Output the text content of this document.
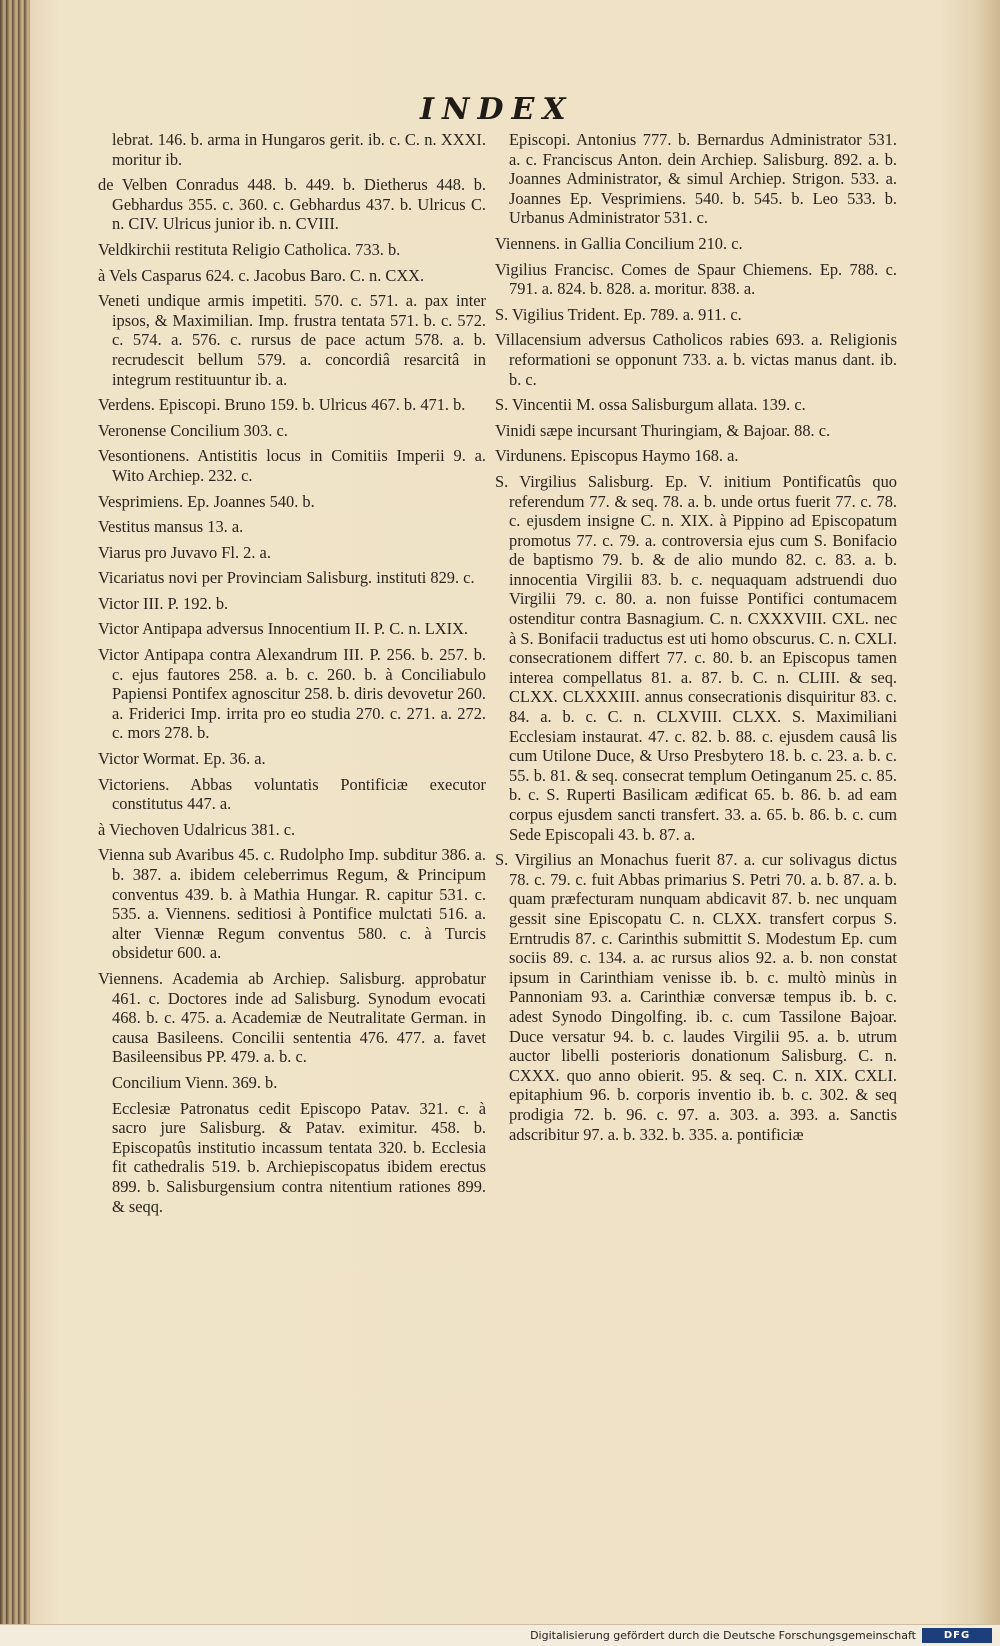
INDEX

lebrat. 146. b. arma in Hungaros gerit. ib. c. C. n. XXXI. moritur ib.

de Velben Conradus 448. b. 449. b. Dietherus 448. b. Gebhardus 355. c. 360. c. Gebhardus 437. b. Ulricus C. n. CIV. Ulricus junior ib. n. CVIII.

Veldkirchii restituta Religio Catholica. 733. b.

à Vels Casparus 624. c. Jacobus Baro. C. n. CXX.

Veneti undique armis impetiti. 570. c. 571. a. pax inter ipsos, & Maximilian. Imp. frustra tentata 571. b. c. 572. c. 574. a. 576. c. rursus de pace actum 578. a. b. recrudescit bellum 579. a. concordiâ resarcitâ in integrum restituuntur ib. a.

Verdens. Episcopi. Bruno 159. b. Ulricus 467. b. 471. b.

Veronense Concilium 303. c.

Vesontionens. Antistitis locus in Comitiis Imperii 9. a. Wito Archiep. 232. c.

Vesprimiens. Ep. Joannes 540. b.

Vestitus mansus 13. a.

Viarus pro Juvavo Fl. 2. a.

Vicariatus novi per Provinciam Salisburg. instituti 829. c.

Victor III. P. 192. b.

Victor Antipapa adversus Innocentium II. P. C. n. LXIX.

Victor Antipapa contra Alexandrum III. P. 256. b. 257. b. c. ejus fautores 258. a. b. c. 260. b. à Conciliabulo Papiensi Pontifex agnoscitur 258. b. diris devovetur 260. a. Friderici Imp. irrita pro eo studia 270. c. 271. a. 272. c. mors 278. b.

Victor Wormat. Ep. 36. a.

Victoriens. Abbas voluntatis Pontificiæ executor constitutus 447. a.

à Viechoven Udalricus 381. c.

Vienna sub Avaribus 45. c. Rudolpho Imp. subditur 386. a. b. 387. a. ibidem celeberrimus Regum, & Principum conventus 439. b. à Mathia Hungar. R. capitur 531. c. 535. a. Viennens. seditiosi à Pontifice mulctati 516. a. alter Viennæ Regum conventus 580. c. à Turcis obsidetur 600. a.

Viennens. Academia ab Archiep. Salisburg. approbatur 461. c. Doctores inde ad Salisburg. Synodum evocati 468. b. c. 475. a. Academiæ de Neutralitate German. in causa Basileens. Concilii sententia 476. 477. a. favet Basileensibus PP. 479. a. b. c.

Concilium Vienn. 369. b.

Ecclesiæ Patronatus cedit Episcopo Patav. 321. c. à sacro jure Salisburg. & Patav. eximitur. 458. b. Episcopatûs institutio incassum tentata 320. b. Ecclesia fit cathedralis 519. b. Archiepiscopatus ibidem erectus 899. b. Salisburgensium contra nitentium rationes 899. & seqq.

Episcopi. Antonius 777. b. Bernardus Administrator 531. a. c. Franciscus Anton. dein Archiep. Salisburg. 892. a. b. Joannes Administrator, & simul Archiep. Strigon. 533. a. Joannes Ep. Vesprimiens. 540. b. 545. b. Leo 533. b. Urbanus Administrator 531. c.

Viennens. in Gallia Concilium 210. c.

Vigilius Francisc. Comes de Spaur Chiemens. Ep. 788. c. 791. a. 824. b. 828. a. moritur. 838. a.

S. Vigilius Trident. Ep. 789. a. 911. c.

Villacensium adversus Catholicos rabies 693. a. Religionis reformationi se opponunt 733. a. b. victas manus dant. ib. b. c.

S. Vincentii M. ossa Salisburgum allata. 139. c.

Vinidi sæpe incursant Thuringiam, & Bajoar. 88. c.

Virdunens. Episcopus Haymo 168. a.

S. Virgilius Salisburg. Ep. V. initium Pontificatûs quo referendum 77. & seq. 78. a. b. unde ortus fuerit 77. c. 78. c. ejusdem insigne C. n. XIX. à Pippino ad Episcopatum promotus 77. c. 79. a. controversia ejus cum S. Bonifacio de baptismo 79. b. & de alio mundo 82. c. 83. a. b. innocentia Virgilii 83. b. c. nequaquam adstruendi duo Virgilii 79. c. 80. a. non fuisse Pontifici contumacem ostenditur contra Basnagium. C. n. CXXXVIII. CXL. nec à S. Bonifacii traductus est uti homo obscurus. C. n. CXLI. consecrationem differt 77. c. 80. b. an Episcopus tamen interea compellatus 81. a. 87. b. C. n. CLIII. & seq. CLXX. CLXXXIII. annus consecrationis disquiritur 83. c. 84. a. b. c. C. n. CLXVIII. CLXX. S. Maximiliani Ecclesiam instaurat. 47. c. 82. b. 88. c. ejusdem causâ lis cum Utilone Duce, & Urso Presbytero 18. b. c. 23. a. b. c. 55. b. 81. & seq. consecrat templum Oetinganum 25. c. 85. b. c. S. Ruperti Basilicam ædificat 65. b. 86. b. ad eam corpus ejusdem sancti transfert. 33. a. 65. b. 86. b. c. cum Sede Episcopali 43. b. 87. a.

S. Virgilius an Monachus fuerit 87. a. cur solivagus dictus 78. c. 79. c. fuit Abbas primarius S. Petri 70. a. b. 87. a. b. quam præfecturam nunquam abdicavit 87. b. nec unquam gessit sine Episcopatu C. n. CLXX. transfert corpus S. Erntrudis 87. c. Carinthis submittit S. Modestum Ep. cum sociis 89. c. 134. a. ac rursus alios 92. a. b. non constat ipsum in Carinthiam venisse ib. b. c. multò minùs in Pannoniam 93. a. Carinthiæ conversæ tempus ib. b. c. adest Synodo Dingolfing. ib. c. cum Tassilone Bajoar. Duce versatur 94. b. c. laudes Virgilii 95. a. b. utrum auctor libelli posterioris donationum Salisburg. C. n. CXXX. quo anno obierit. 95. & seq. C. n. XIX. CXLI. epitaphium 96. b. corporis inventio ib. b. c. 302. & seq prodigia 72. b. 96. c. 97. a. 303. a. 393. a. Sanctis adscribitur 97. a. b. 332. b. 335. a. pontificiæ

Digitalisierung gefördert durch die Deutsche Forschungsgemeinschaft	DFG
